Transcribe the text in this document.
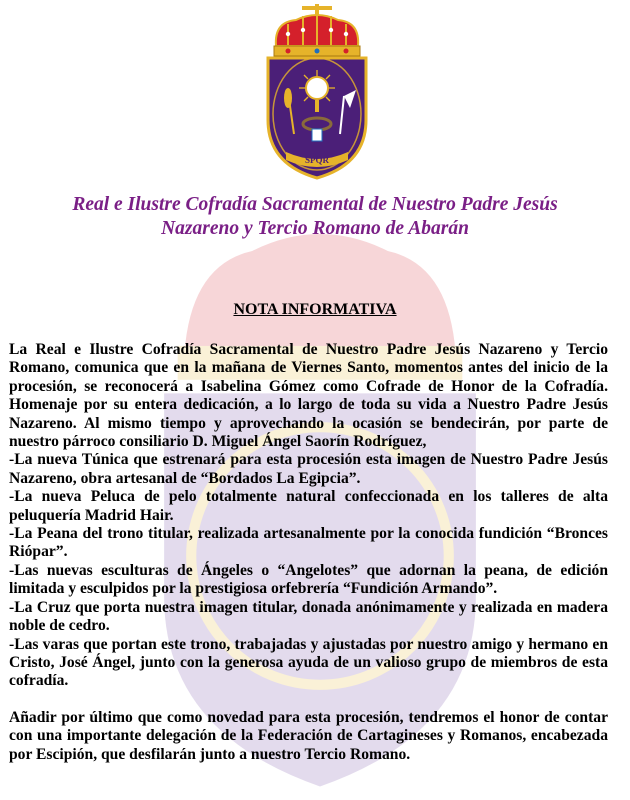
SPQR
Real e Ilustre Cofradía Sacramental de Nuestro Padre Jesús
Nazareno y Tercio Romano de Abarán
NOTA INFORMATIVA

La Real e Ilustre Cofradía Sacramental de Nuestro Padre Jesús Nazareno y Tercio Romano, comunica que en la mañana de Viernes Santo, momentos antes del inicio de la procesión, se reconocerá a Isabelina Gómez como Cofrade de Honor de la Cofradía. Homenaje por su entera dedicación, a lo largo de toda su vida a Nuestro Padre Jesús Nazareno. Al mismo tiempo y aprovechando la ocasión se bendecirán, por parte de nuestro párroco consiliario D. Miguel Ángel Saorín Rodríguez,

-La nueva Túnica que estrenará para esta procesión esta imagen de Nuestro Padre Jesús Nazareno, obra artesanal de “Bordados La Egipcia”.

-La nueva Peluca de pelo totalmente natural confeccionada en los talleres de alta peluquería Madrid Hair.

-La Peana del trono titular, realizada artesanalmente por la conocida fundición “Bronces Riópar”.

-Las nuevas esculturas de Ángeles o “Angelotes” que adornan la peana, de edición limitada y esculpidos por la prestigiosa orfebrería “Fundición Armando”.

-La Cruz que porta nuestra imagen titular, donada anónimamente y realizada en madera noble de cedro.

-Las varas que portan este trono, trabajadas y ajustadas por nuestro amigo y hermano en Cristo, José Ángel, junto con la generosa ayuda de un valioso grupo de miembros de esta cofradía.

Añadir por último que como novedad para esta procesión, tendremos el honor de contar con una importante delegación de la Federación de Cartagineses y Romanos, encabezada por Escipión, que desfilarán junto a nuestro Tercio Romano.
